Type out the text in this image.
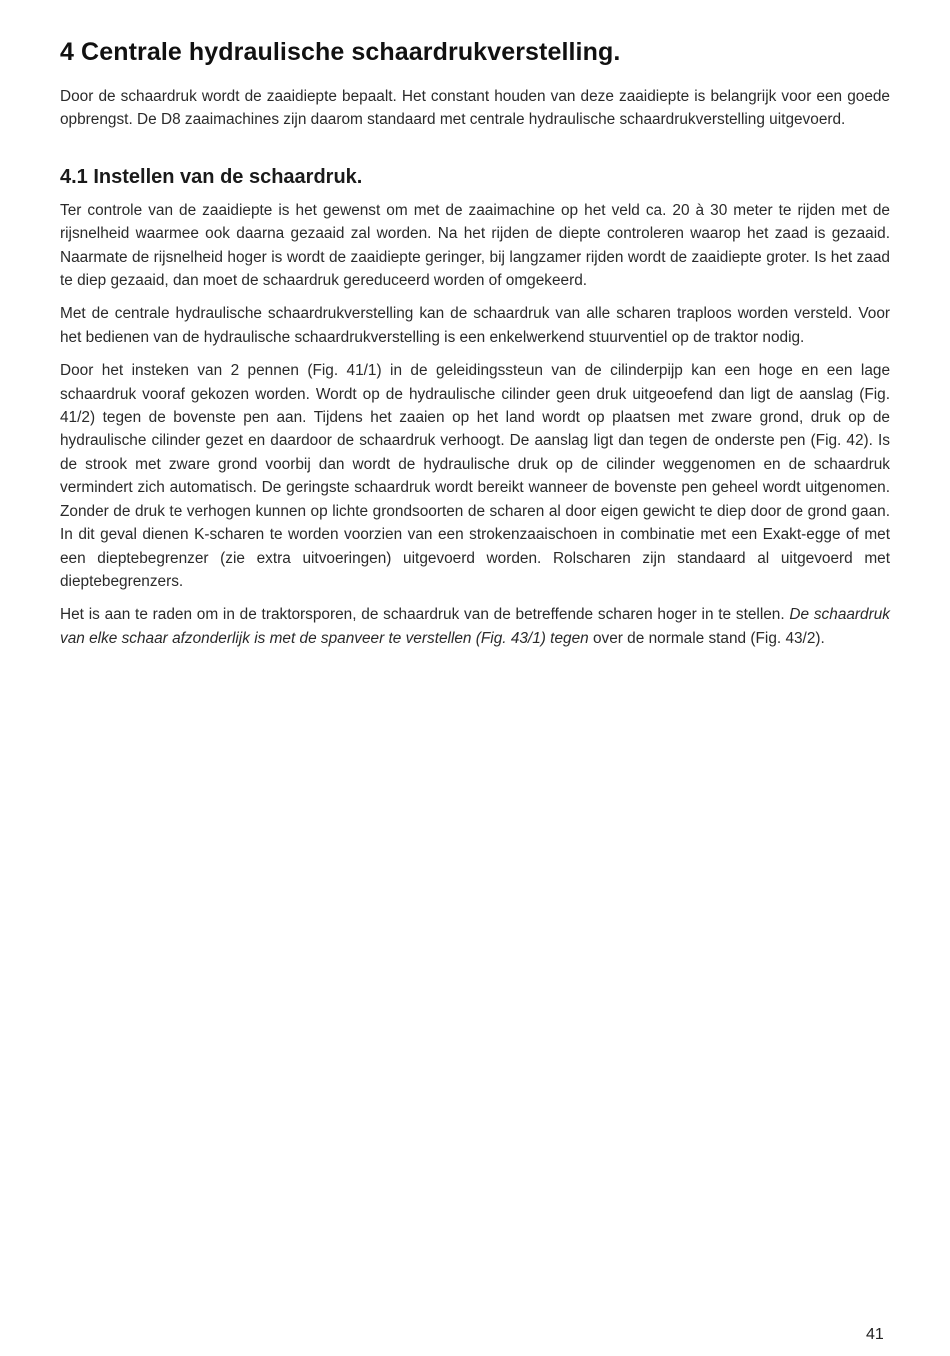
4 Centrale hydraulische schaardrukverstelling.

Door de schaardruk wordt de zaaidiepte bepaalt. Het constant houden van deze zaaidiepte is belangrijk voor een goede opbrengst. De D8 zaaimachines zijn daarom standaard met centrale hydraulische schaardrukverstelling uitgevoerd.

4.1 Instellen van de schaardruk.

Ter controle van de zaaidiepte is het gewenst om met de zaaimachine op het veld ca. 20 à 30 meter te rijden met de rijsnelheid waarmee ook daarna gezaaid zal worden. Na het rijden de diepte controleren waarop het zaad is gezaaid. Naarmate de rijsnelheid hoger is wordt de zaaidiepte geringer, bij langzamer rijden wordt de zaaidiepte groter. Is het zaad te diep gezaaid, dan moet de schaardruk gereduceerd worden of omgekeerd.

Met de centrale hydraulische schaardrukverstelling kan de schaardruk van alle scharen traploos worden versteld. Voor het bedienen van de hydraulische schaardrukverstelling is een enkelwerkend stuurventiel op de traktor nodig.

Door het insteken van 2 pennen (Fig. 41/1) in de geleidingssteun van de cilinderpijp kan een hoge en een lage schaardruk vooraf gekozen worden. Wordt op de hydraulische cilinder geen druk uitgeoefend dan ligt de aanslag (Fig. 41/2) tegen de bovenste pen aan. Tijdens het zaaien op het land wordt op plaatsen met zware grond, druk op de hydraulische cilinder gezet en daardoor de schaardruk verhoogt. De aanslag ligt dan tegen de onderste pen (Fig. 42). Is de strook met zware grond voorbij dan wordt de hydraulische druk op de cilinder weggenomen en de schaardruk vermindert zich automatisch. De geringste schaardruk wordt bereikt wanneer de bovenste pen geheel wordt uitgenomen. Zonder de druk te verhogen kunnen op lichte grondsoorten de scharen al door eigen gewicht te diep door de grond gaan. In dit geval dienen K-scharen te worden voorzien van een strokenzaaischoen in combinatie met een Exakt-egge of met een dieptebegrenzer (zie extra uitvoeringen) uitgevoerd worden. Rolscharen zijn standaard al uitgevoerd met dieptebegrenzers.

Het is aan te raden om in de traktorsporen, de schaardruk van de betreffende scharen hoger in te stellen. De schaardruk van elke schaar afzonderlijk is met de spanveer te verstellen (Fig. 43/1) tegen over de normale stand (Fig. 43/2).

41
